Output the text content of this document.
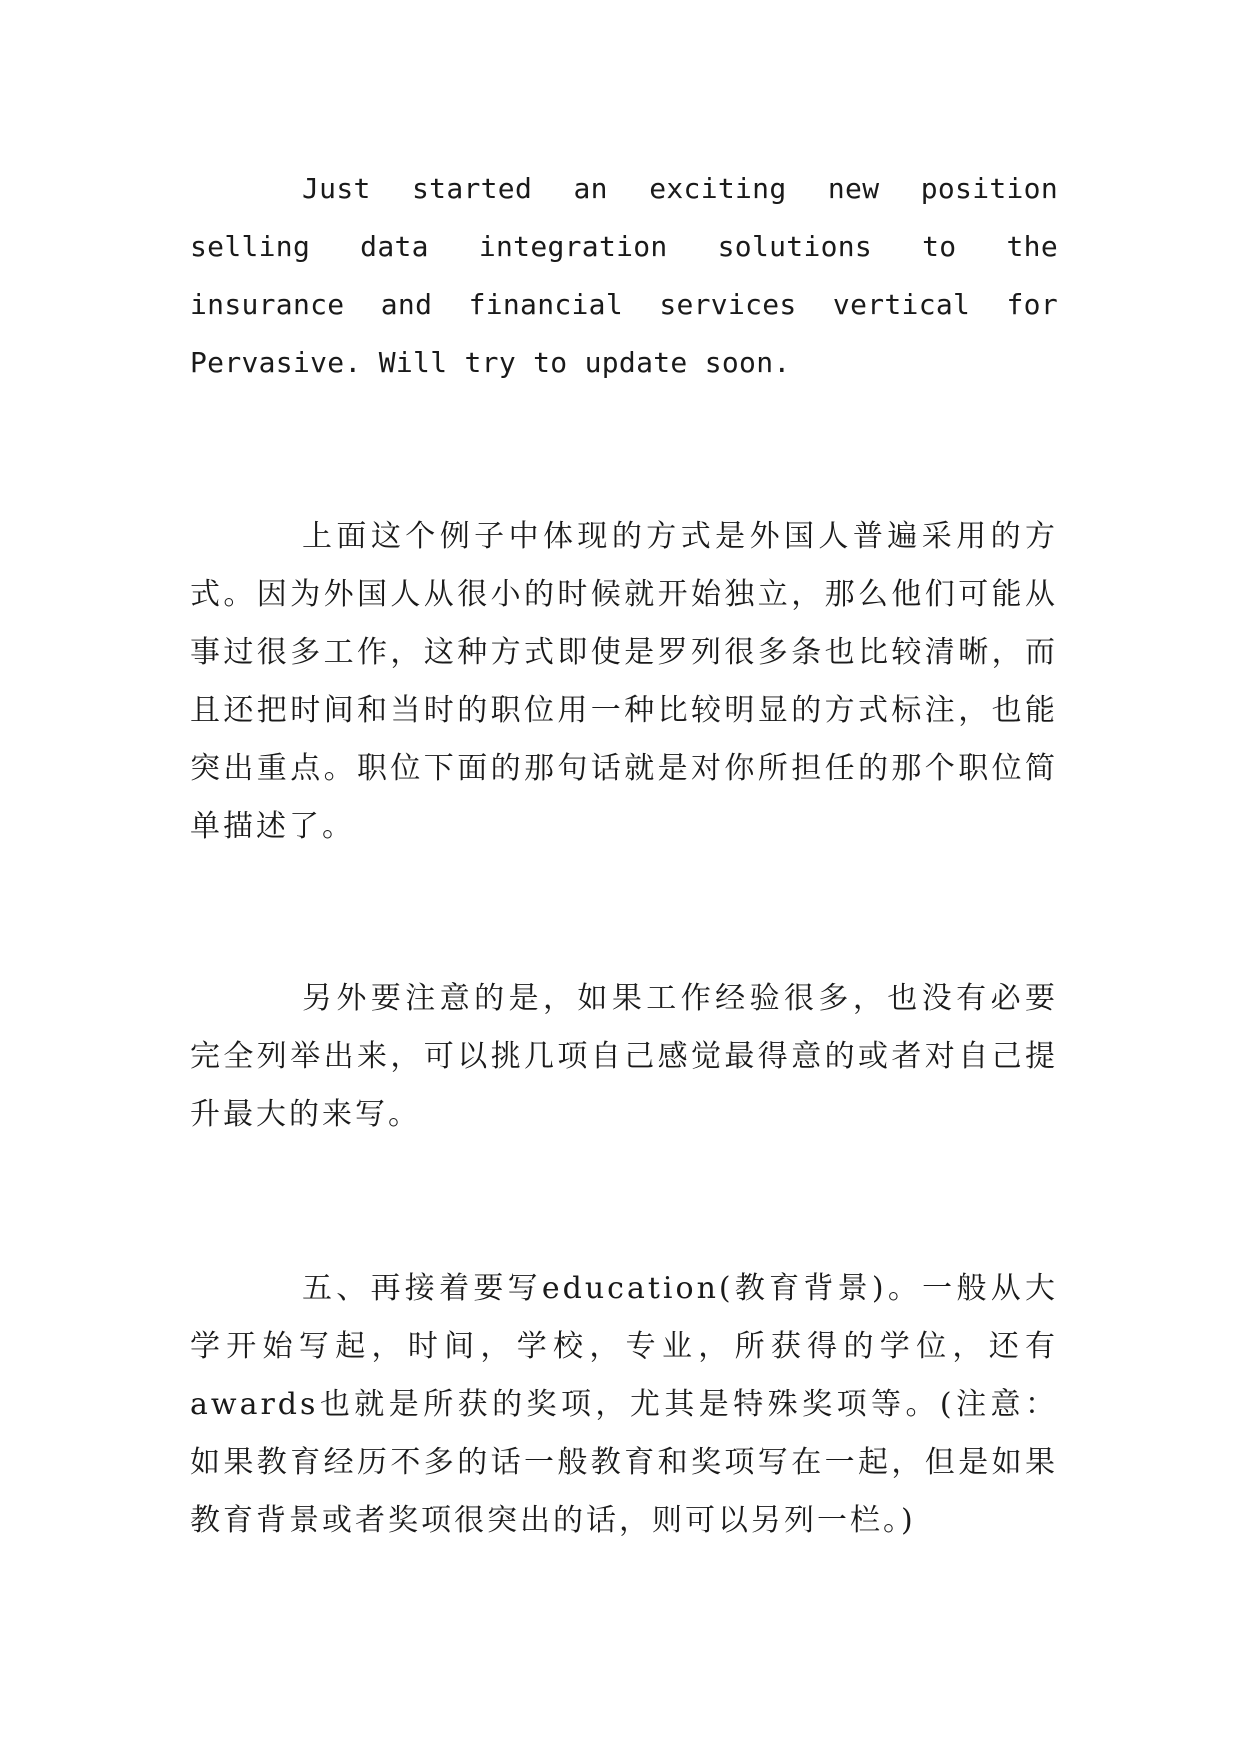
Just started an exciting new position selling data integration solutions to the insurance and financial services vertical for Pervasive. Will try to update soon.

上面这个例子中体现的方式是外国人普遍采用的方式。因为外国人从很小的时候就开始独立，那么他们可能从事过很多工作，这种方式即使是罗列很多条也比较清晰，而且还把时间和当时的职位用一种比较明显的方式标注，也能突出重点。职位下面的那句话就是对你所担任的那个职位简单描述了。

另外要注意的是，如果工作经验很多，也没有必要完全列举出来，可以挑几项自己感觉最得意的或者对自己提升最大的来写。

五、再接着要写education(教育背景)。一般从大学开始写起，时间，学校，专业，所获得的学位，还有awards也就是所获的奖项，尤其是特殊奖项等。(注意：如果教育经历不多的话一般教育和奖项写在一起，但是如果教育背景或者奖项很突出的话，则可以另列一栏。)
